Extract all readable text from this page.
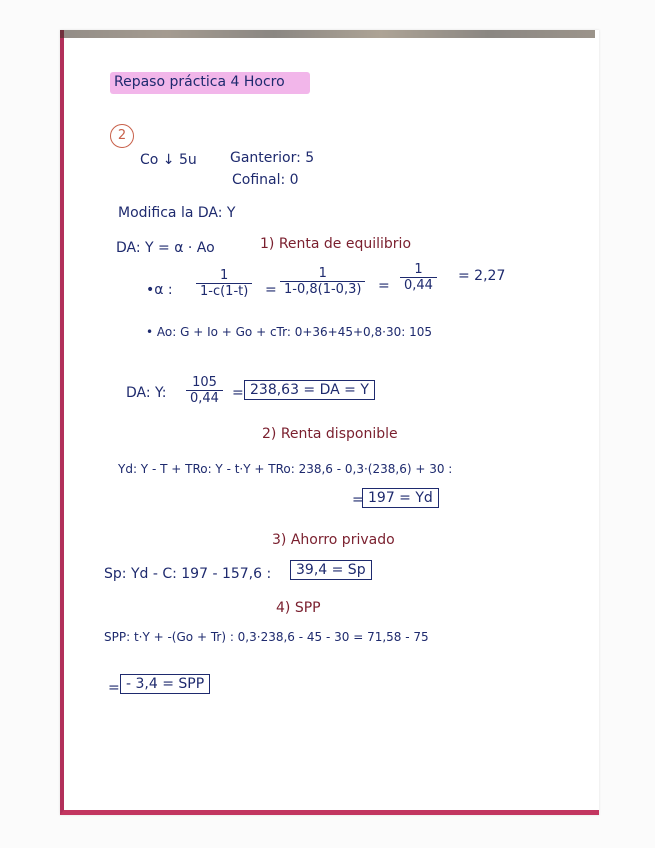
Repaso práctica 4 Hocro
2
Co ↓ 5u Ganterior: 5
Cofinal: 0
Modifica la DA: Y
DA: Y = α · Ao	1) Renta de equilibrio
•α : $\frac{1}{1-c(1-t)} = \frac{1}{1-0,8(1-0,3)} = \frac{1}{0,44} = 2,27$
• Ao: G + Io + Go + cTr: 0+36+45+0,8·30: 105
DA: Y: $\frac{105}{0,44} = 238,63$ = DA = Y
2) Renta disponible
Yd: Y - T + TRo: Y - t·Y + TRo: 238,6 - 0,3·(238,6) + 30 :
= 197 = Yd
3) Ahorro privado
Sp: Yd - C: 197 - 157,6 :	39,4 = Sp
4) SPP
SPP: t·Y + -(Go + Tr) : 0,3·238,6 - 45 - 30 = 71,58 - 75
= - 3,4 = SPP
